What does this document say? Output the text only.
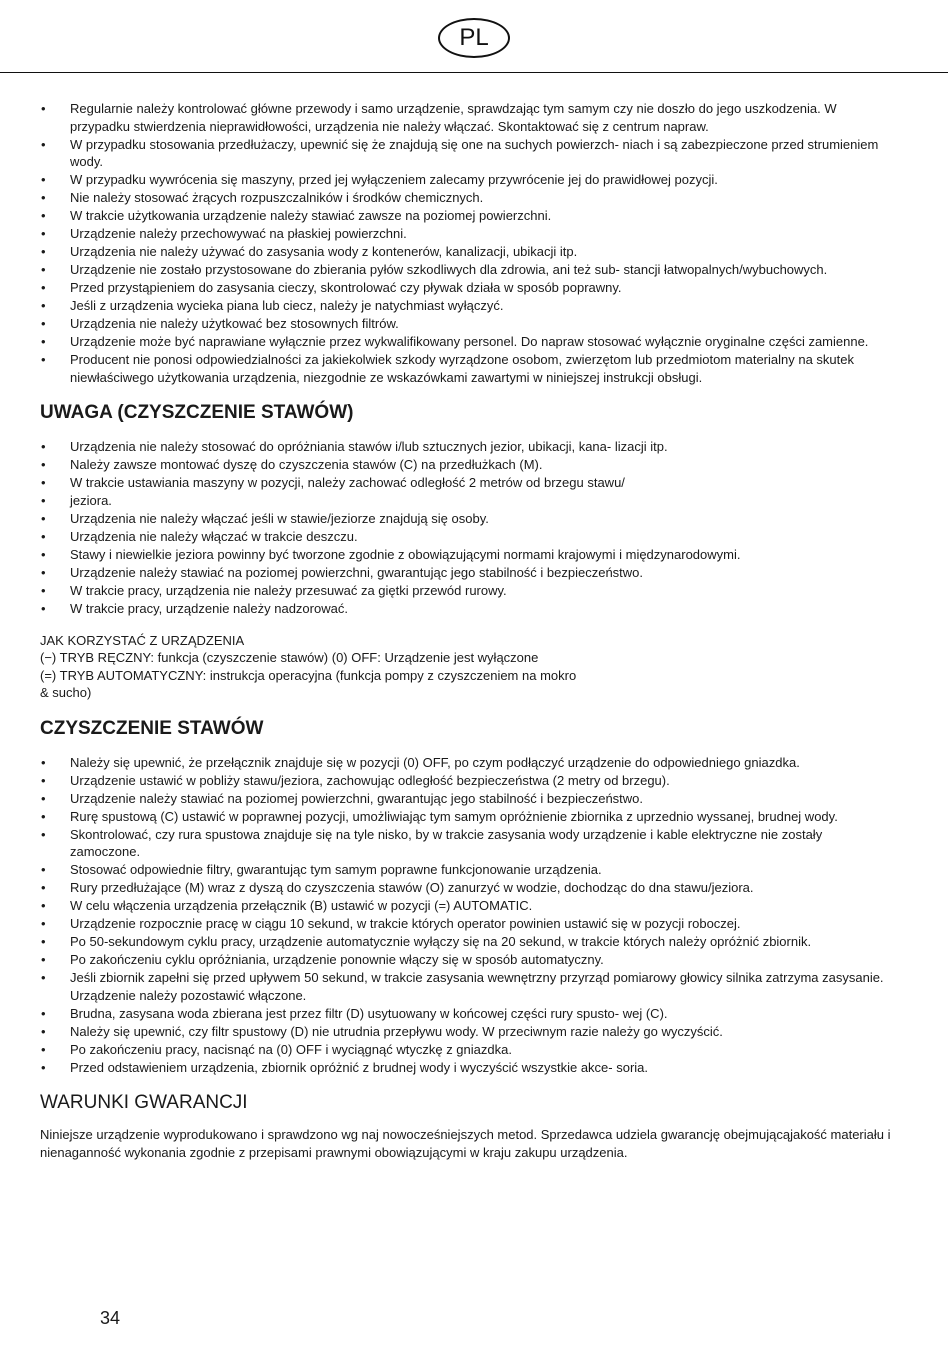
PL
• Regularnie należy kontrolować główne przewody i samo urządzenie, sprawdzając tym samym czy nie doszło do jego uszkodzenia. W przypadku stwierdzenia nieprawidłowości, urządzenia nie należy włączać. Skontaktować się z centrum napraw.
• W przypadku stosowania przedłużaczy, upewnić się że znajdują się one na suchych powierzch- niach i są zabezpieczone przed strumieniem wody.
• W przypadku wywrócenia się maszyny, przed jej wyłączeniem zalecamy przywrócenie jej do prawidłowej pozycji.
• Nie należy stosować żrących rozpuszczalników i środków chemicznych.
• W trakcie użytkowania urządzenie należy stawiać zawsze na poziomej powierzchni.
• Urządzenie należy przechowywać na płaskiej powierzchni.
• Urządzenia nie należy używać do zasysania wody z kontenerów, kanalizacji, ubikacji itp.
• Urządzenie nie zostało przystosowane do zbierania pyłów szkodliwych dla zdrowia, ani też sub- stancji łatwopalnych/wybuchowych.
• Przed przystąpieniem do zasysania cieczy, skontrolować czy pływak działa w sposób poprawny.
• Jeśli z urządzenia wycieka piana lub ciecz, należy je natychmiast wyłączyć.
• Urządzenia nie należy użytkować bez stosownych filtrów.
• Urządzenie może być naprawiane wyłącznie przez wykwalifikowany personel. Do napraw stosować wyłącznie oryginalne części zamienne.
• Producent nie ponosi odpowiedzialności za jakiekolwiek szkody wyrządzone osobom, zwierzętom lub przedmiotom materialny na skutek niewłaściwego użytkowania urządzenia, niezgodnie ze wskazówkami zawartymi w niniejszej instrukcji obsługi.
UWAGA (CZYSZCZENIE STAWÓW)
• Urządzenia nie należy stosować do opróżniania stawów i/lub sztucznych jezior, ubikacji, kana- lizacji itp.
• Należy zawsze montować dyszę do czyszczenia stawów (C) na przedłużkach (M).
• W trakcie ustawiania maszyny w pozycji, należy zachować odległość 2 metrów od brzegu stawu/
• jeziora.
• Urządzenia nie należy włączać jeśli w stawie/jeziorze znajdują się osoby.
• Urządzenia nie należy włączać w trakcie deszczu.
• Stawy i niewielkie jeziora powinny być tworzone zgodnie z obowiązującymi normami krajowymi i międzynarodowymi.
• Urządzenie należy stawiać na poziomej powierzchni, gwarantując jego stabilność i bezpieczeństwo.
• W trakcie pracy, urządzenia nie należy przesuwać za giętki przewód rurowy.
• W trakcie pracy, urządzenie należy nadzorować.

JAK KORZYSTAĆ Z URZĄDZENIA

(−) TRYB RĘCZNY: funkcja (czyszczenie stawów) (0) OFF: Urządzenie jest wyłączone

(=) TRYB AUTOMATYCZNY: instrukcja operacyjna (funkcja pompy z czyszczeniem na mokro

& sucho)

CZYSZCZENIE STAWÓW
• Należy się upewnić, że przełącznik znajduje się w pozycji (0) OFF, po czym podłączyć urządzenie do odpowiedniego gniazdka.
• Urządzenie ustawić w pobliży stawu/jeziora, zachowując odległość bezpieczeństwa (2 metry od brzegu).
• Urządzenie należy stawiać na poziomej powierzchni, gwarantując jego stabilność i bezpieczeństwo.
• Rurę spustową (C) ustawić w poprawnej pozycji, umożliwiając tym samym opróżnienie zbiornika z uprzednio wyssanej, brudnej wody.
• Skontrolować, czy rura spustowa znajduje się na tyle nisko, by w trakcie zasysania wody urządzenie i kable elektryczne nie zostały zamoczone.
• Stosować odpowiednie filtry, gwarantując tym samym poprawne funkcjonowanie urządzenia.
• Rury przedłużające (M) wraz z dyszą do czyszczenia stawów (O) zanurzyć w wodzie, dochodząc do dna stawu/jeziora.
• W celu włączenia urządzenia przełącznik (B) ustawić w pozycji (=) AUTOMATIC.
• Urządzenie rozpocznie pracę w ciągu 10 sekund, w trakcie których operator powinien ustawić się w pozycji roboczej.
• Po 50-sekundowym cyklu pracy, urządzenie automatycznie wyłączy się na 20 sekund, w trakcie których należy opróżnić zbiornik.
• Po zakończeniu cyklu opróżniania, urządzenie ponownie włączy się w sposób automatyczny.
• Jeśli zbiornik zapełni się przed upływem 50 sekund, w trakcie zasysania wewnętrzny przyrząd pomiarowy głowicy silnika zatrzyma zasysanie. Urządzenie należy pozostawić włączone.
• Brudna, zasysana woda zbierana jest przez filtr (D) usytuowany w końcowej części rury spusto- wej (C).
• Należy się upewnić, czy filtr spustowy (D) nie utrudnia przepływu wody. W przeciwnym razie należy go wyczyścić.
• Po zakończeniu pracy, nacisnąć na (0) OFF i wyciągnąć wtyczkę z gniazdka.
• Przed odstawieniem urządzenia, zbiornik opróżnić z brudnej wody i wyczyścić wszystkie akce- soria.
WARUNKI GWARANCJI

Niniejsze urządzenie wyprodukowano i sprawdzono wg naj nowocześniejszych metod. Sprzedawca udziela gwarancję obejmującąjakość materiału i nienaganność wykonania zgodnie z przepisami prawnymi obowiązującymi w kraju zakupu urządzenia.

34
